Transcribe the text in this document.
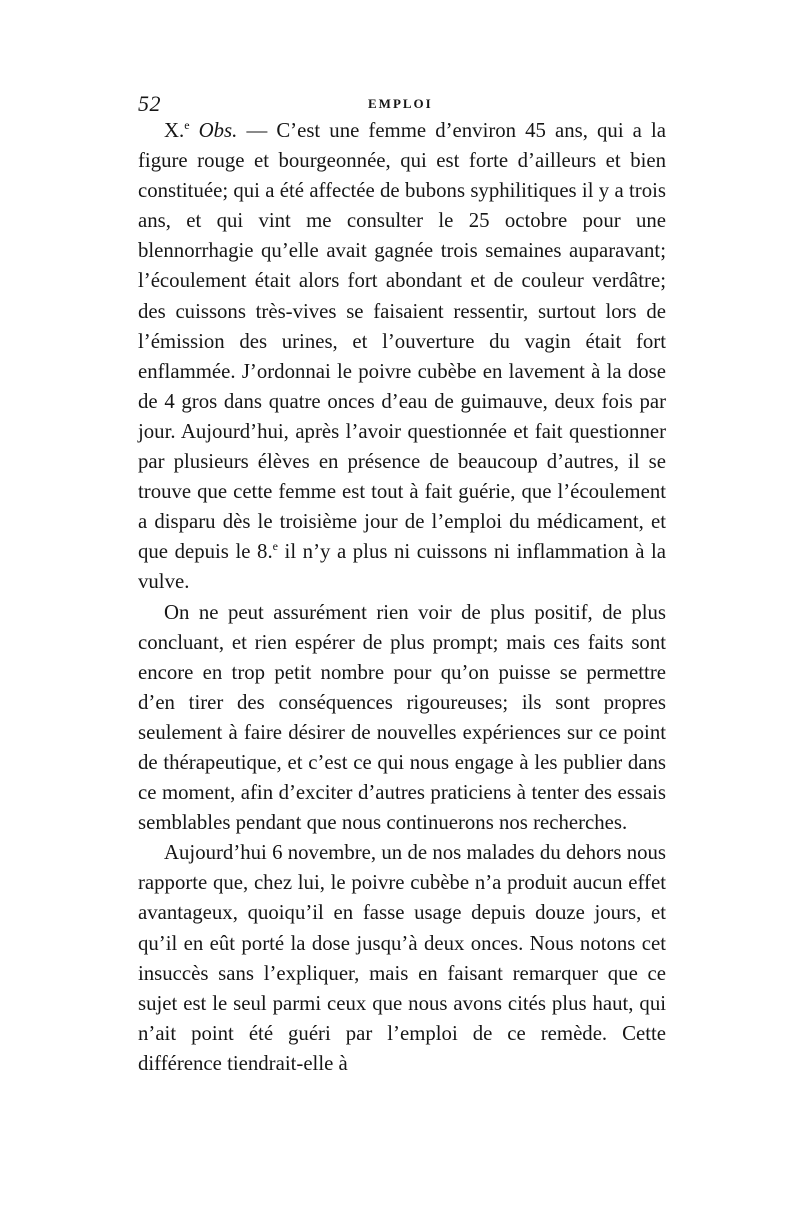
52	EMPLOI

X.$^e$ Obs. — C’est une femme d’environ 45 ans, qui a la figure rouge et bourgeonnée, qui est forte d’ailleurs et bien constituée; qui a été affectée de bubons syphilitiques il y a trois ans, et qui vint me consulter le 25 octobre pour une blennorrhagie qu’elle avait gagnée trois semaines auparavant; l’écoulement était alors fort abondant et de couleur verdâtre; des cuissons très-vives se faisaient ressentir, surtout lors de l’émission des urines, et l’ouverture du vagin était fort enflammée. J’ordonnai le poivre cubèbe en lavement à la dose de 4 gros dans quatre onces d’eau de guimauve, deux fois par jour. Aujourd’hui, après l’avoir questionnée et fait questionner par plusieurs élèves en présence de beaucoup d’autres, il se trouve que cette femme est tout à fait guérie, que l’écoulement a disparu dès le troisième jour de l’emploi du médicament, et que depuis le 8.$^e$ il n’y a plus ni cuissons ni inflammation à la vulve.

On ne peut assurément rien voir de plus positif, de plus concluant, et rien espérer de plus prompt; mais ces faits sont encore en trop petit nombre pour qu’on puisse se permettre d’en tirer des conséquences rigoureuses; ils sont propres seulement à faire désirer de nouvelles expériences sur ce point de thérapeutique, et c’est ce qui nous engage à les publier dans ce moment, afin d’exciter d’autres praticiens à tenter des essais semblables pendant que nous continuerons nos recherches.

Aujourd’hui 6 novembre, un de nos malades du dehors nous rapporte que, chez lui, le poivre cubèbe n’a produit aucun effet avantageux, quoiqu’il en fasse usage depuis douze jours, et qu’il en eût porté la dose jusqu’à deux onces. Nous notons cet insuccès sans l’expliquer, mais en faisant remarquer que ce sujet est le seul parmi ceux que nous avons cités plus haut, qui n’ait point été guéri par l’emploi de ce remède. Cette différence tiendrait-elle à
